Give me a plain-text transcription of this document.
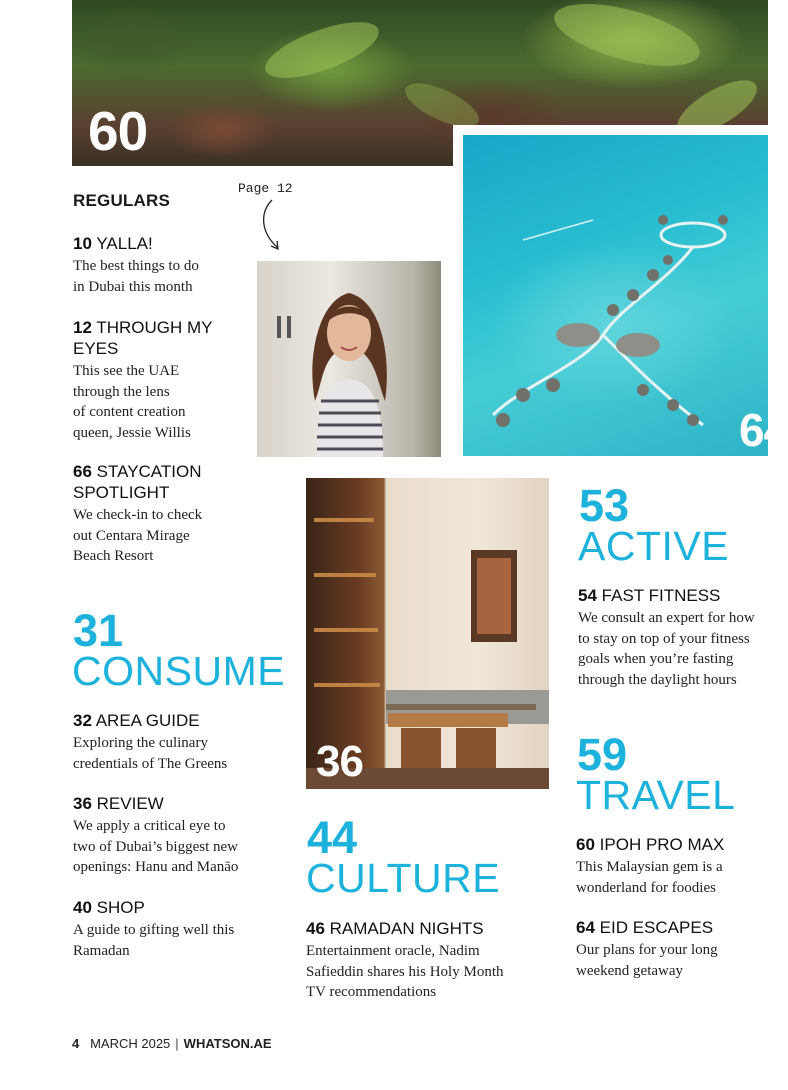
60
64
36
Page 12
REGULARS
10 YALLA!
The best things to do
in Dubai this month
12 THROUGH MY
EYES
This see the UAE
through the lens
of content creation
queen, Jessie Willis
66 STAYCATION
SPOTLIGHT
We check-in to check
out Centara Mirage
Beach Resort
31
CONSUME
32 AREA GUIDE
Exploring the culinary
credentials of The Greens
36 REVIEW
We apply a critical eye to
two of Dubai’s biggest new
openings: Hanu and Manāo
40 SHOP
A guide to gifting well this
Ramadan
44
CULTURE
46 RAMADAN NIGHTS
Entertainment oracle, Nadim
Safieddin shares his Holy Month
TV recommendations
53
ACTIVE
54 FAST FITNESS
We consult an expert for how
to stay on top of your fitness
goals when you’re fasting
through the daylight hours
59
TRAVEL
60 IPOH PRO MAX
This Malaysian gem is a
wonderland for foodies
64 EID ESCAPES
Our plans for your long
weekend getaway
4 MARCH 2025 | WHATSON.AE
